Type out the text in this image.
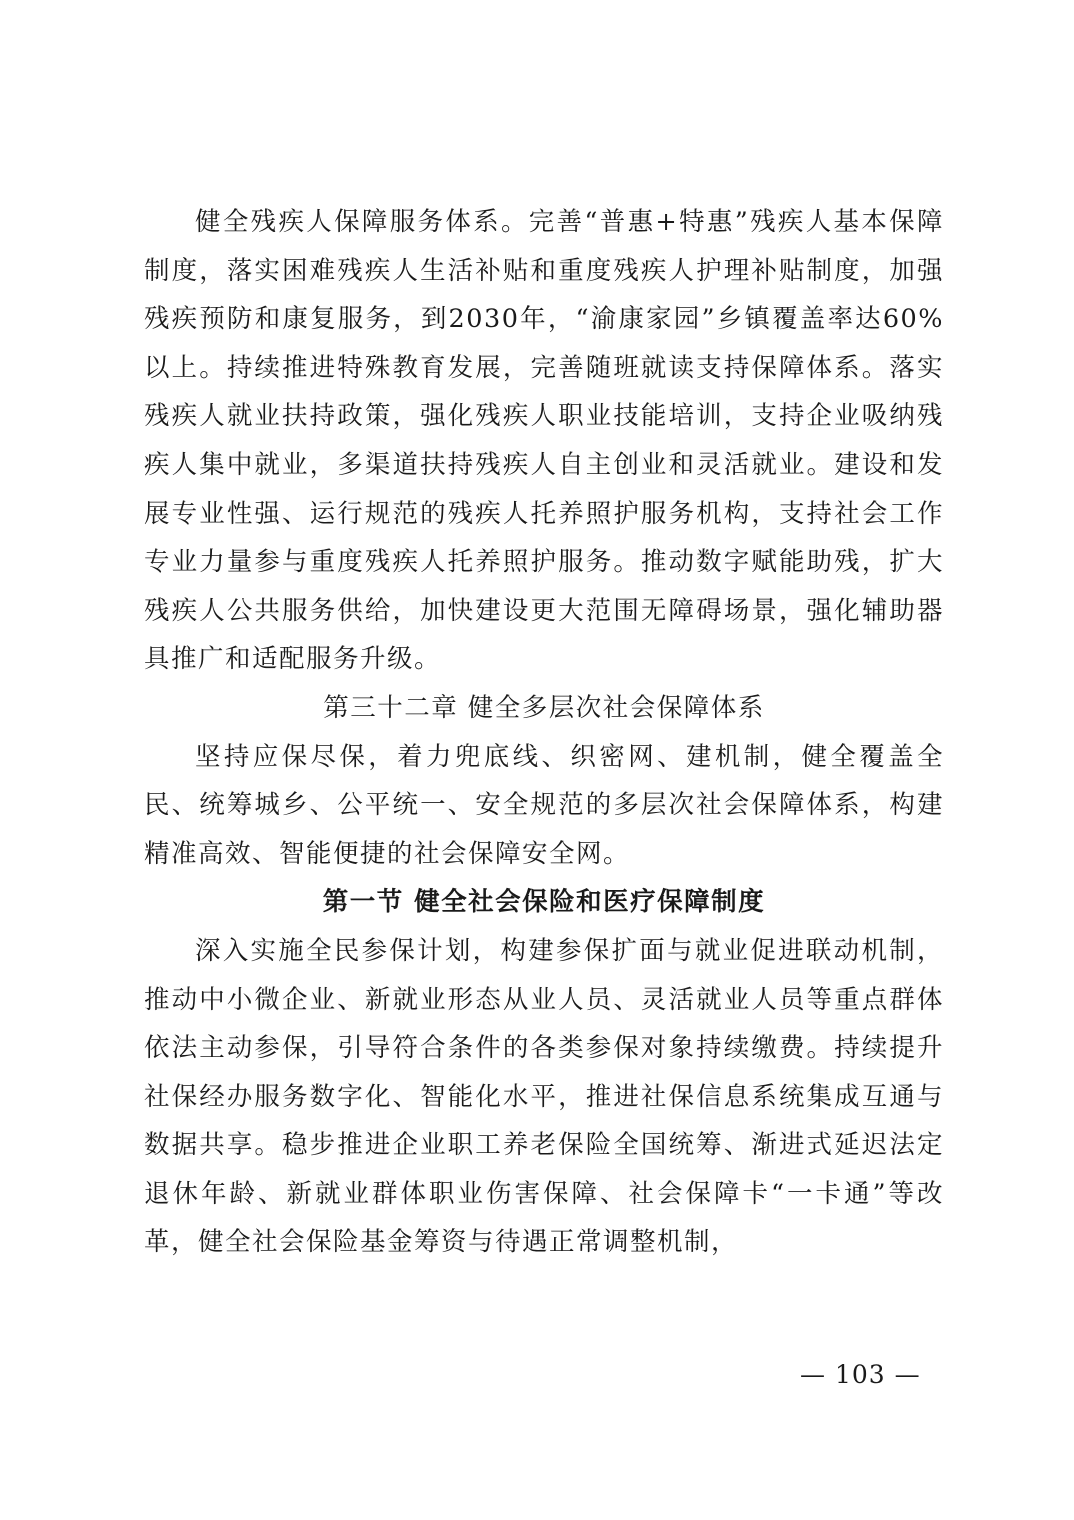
健全残疾人保障服务体系。完善“普惠+特惠”残疾人基本保障制度，落实困难残疾人生活补贴和重度残疾人护理补贴制度，加强残疾预防和康复服务，到2030年，“渝康家园”乡镇覆盖率达60%以上。持续推进特殊教育发展，完善随班就读支持保障体系。落实残疾人就业扶持政策，强化残疾人职业技能培训，支持企业吸纳残疾人集中就业，多渠道扶持残疾人自主创业和灵活就业。建设和发展专业性强、运行规范的残疾人托养照护服务机构，支持社会工作专业力量参与重度残疾人托养照护服务。推动数字赋能助残，扩大残疾人公共服务供给，加快建设更大范围无障碍场景，强化辅助器具推广和适配服务升级。

第三十二章 健全多层次社会保障体系

坚持应保尽保，着力兜底线、织密网、建机制，健全覆盖全民、统筹城乡、公平统一、安全规范的多层次社会保障体系，构建精准高效、智能便捷的社会保障安全网。

第一节 健全社会保险和医疗保障制度

深入实施全民参保计划，构建参保扩面与就业促进联动机制，推动中小微企业、新就业形态从业人员、灵活就业人员等重点群体依法主动参保，引导符合条件的各类参保对象持续缴费。持续提升社保经办服务数字化、智能化水平，推进社保信息系统集成互通与数据共享。稳步推进企业职工养老保险全国统筹、渐进式延迟法定退休年龄、新就业群体职业伤害保障、社会保障卡“一卡通”等改革，健全社会保险基金筹资与待遇正常调整机制，

— 103 —
